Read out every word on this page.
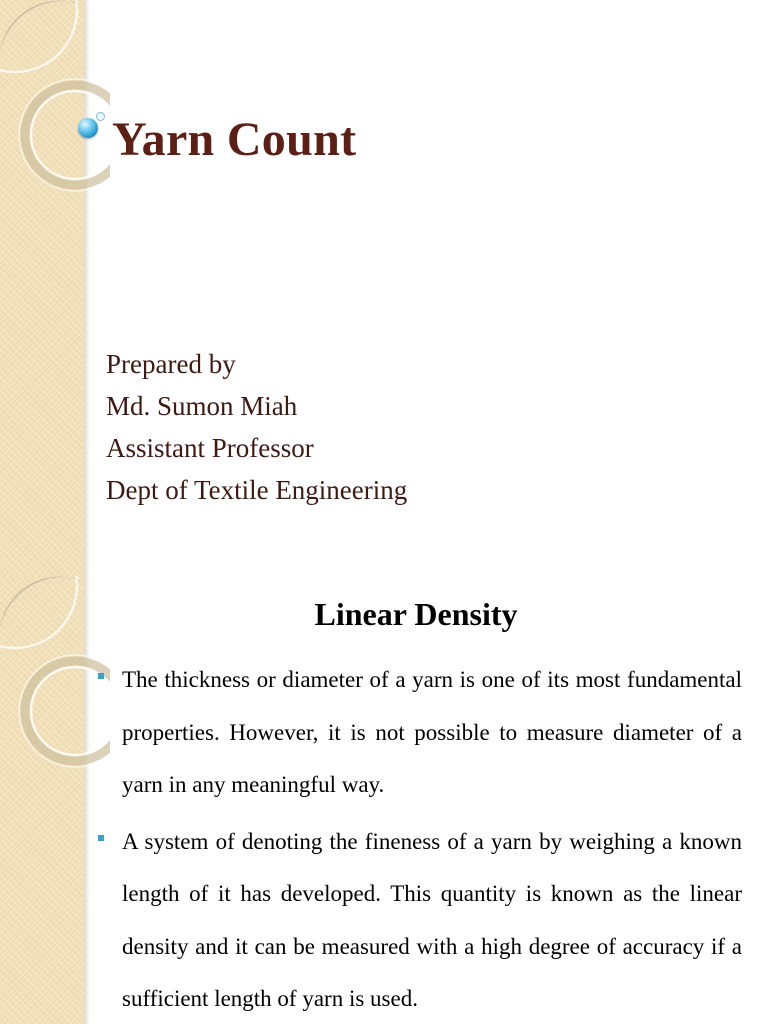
Yarn Count
Prepared by
Md. Sumon Miah
Assistant Professor
Dept of Textile Engineering
Linear Density
The thickness or diameter of a yarn is one of its most fundamental properties. However, it is not possible to measure diameter of a yarn in any meaningful way.
A system of denoting the fineness of a yarn by weighing a known length of it has developed. This quantity is known as the linear density and it can be measured with a high degree of accuracy if a sufficient length of yarn is used.
